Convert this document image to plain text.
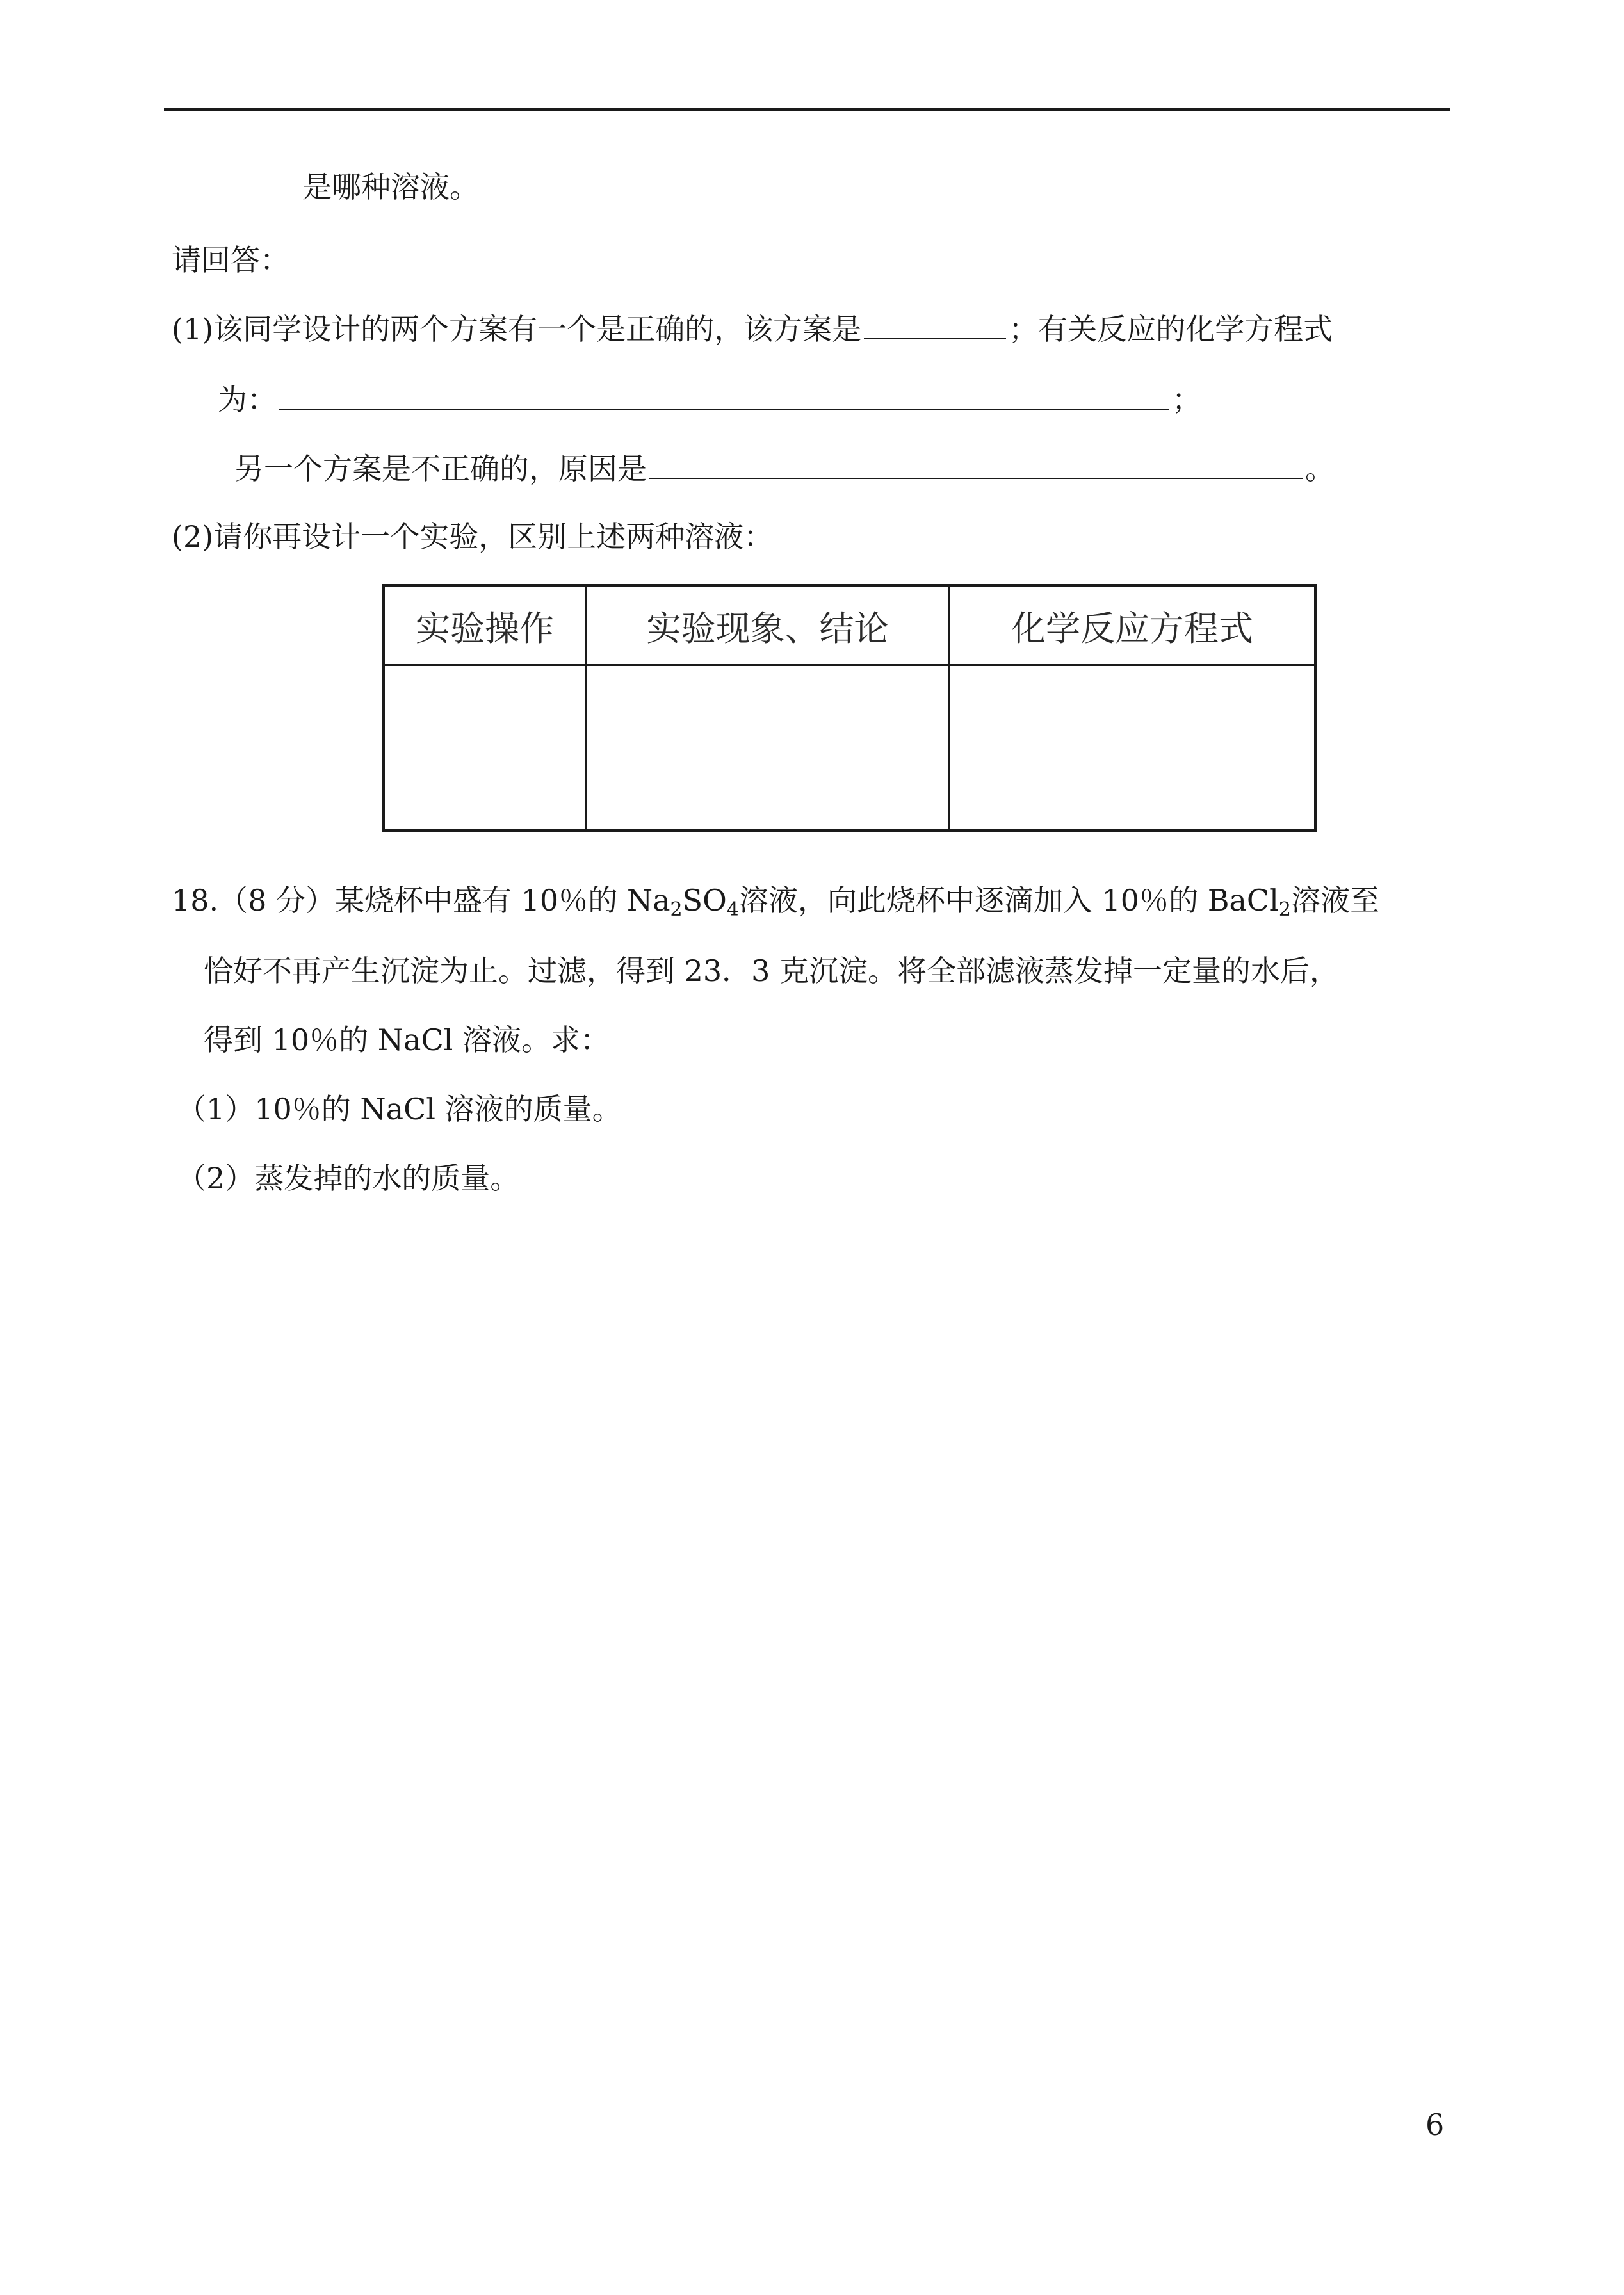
是哪种溶液。
请回答：
(1)该同学设计的两个方案有一个是正确的，该方案是	；有关反应的化学方程式
为：	；
另一个方案是不正确的，原因是	。
(2)请你再设计一个实验，区别上述两种溶液：
实验操作	实验现象、结论	化学反应方程式

18.（8 分）某烧杯中盛有 10％的 $Na_2SO_4$溶液，向此烧杯中逐滴加入 10％的 BaCl$_2$溶液至
恰好不再产生沉淀为止。过滤，得到 23．3 克沉淀。将全部滤液蒸发掉一定量的水后，
得到 10％的 NaCl 溶液。求：
（1）10％的 NaCl 溶液的质量。
（2）蒸发掉的水的质量。
6
